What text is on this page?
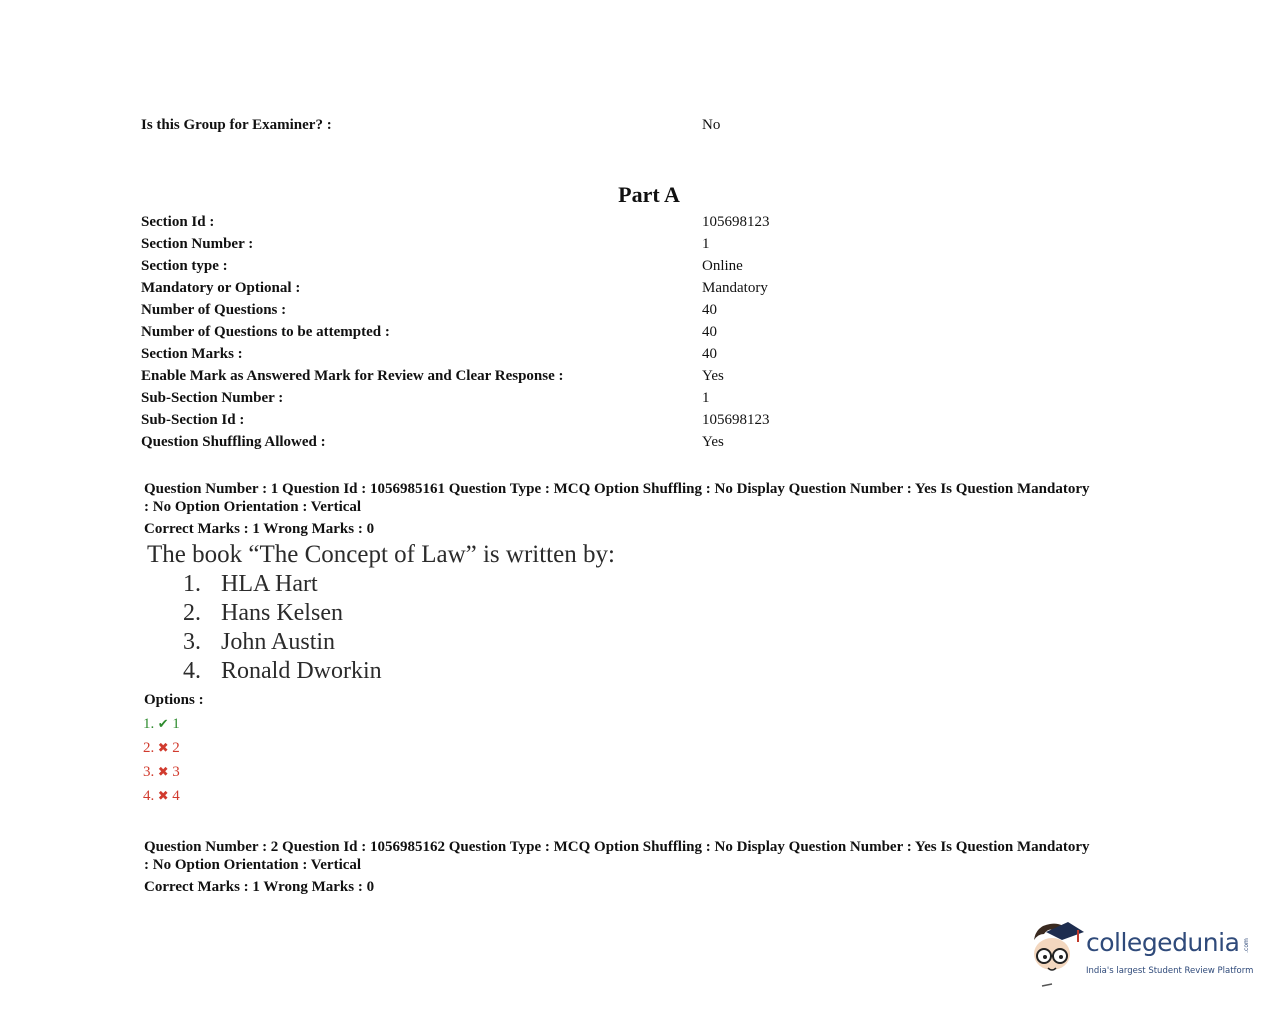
Is this Group for Examiner? :	No
Part A
Section Id :	105698123
Section Number :	1
Section type :	Online
Mandatory or Optional :	Mandatory
Number of Questions :	40
Number of Questions to be attempted :	40
Section Marks :	40
Enable Mark as Answered Mark for Review and Clear Response :	Yes
Sub-Section Number :	1
Sub-Section Id :	105698123
Question Shuffling Allowed :	Yes
Question Number : 1 Question Id : 1056985161 Question Type : MCQ Option Shuffling : No Display Question Number : Yes Is Question Mandatory
: No Option Orientation : Vertical
Correct Marks : 1 Wrong Marks : 0
The book “The Concept of Law” is written by:
1. HLA Hart
2. Hans Kelsen
3. John Austin
4. Ronald Dworkin
Options :
1. ✔ 1
2. ✖ 2
3. ✖ 3
4. ✖ 4
Question Number : 2 Question Id : 1056985162 Question Type : MCQ Option Shuffling : No Display Question Number : Yes Is Question Mandatory
: No Option Orientation : Vertical
Correct Marks : 1 Wrong Marks : 0
collegedunia .com
India's largest Student Review Platform
